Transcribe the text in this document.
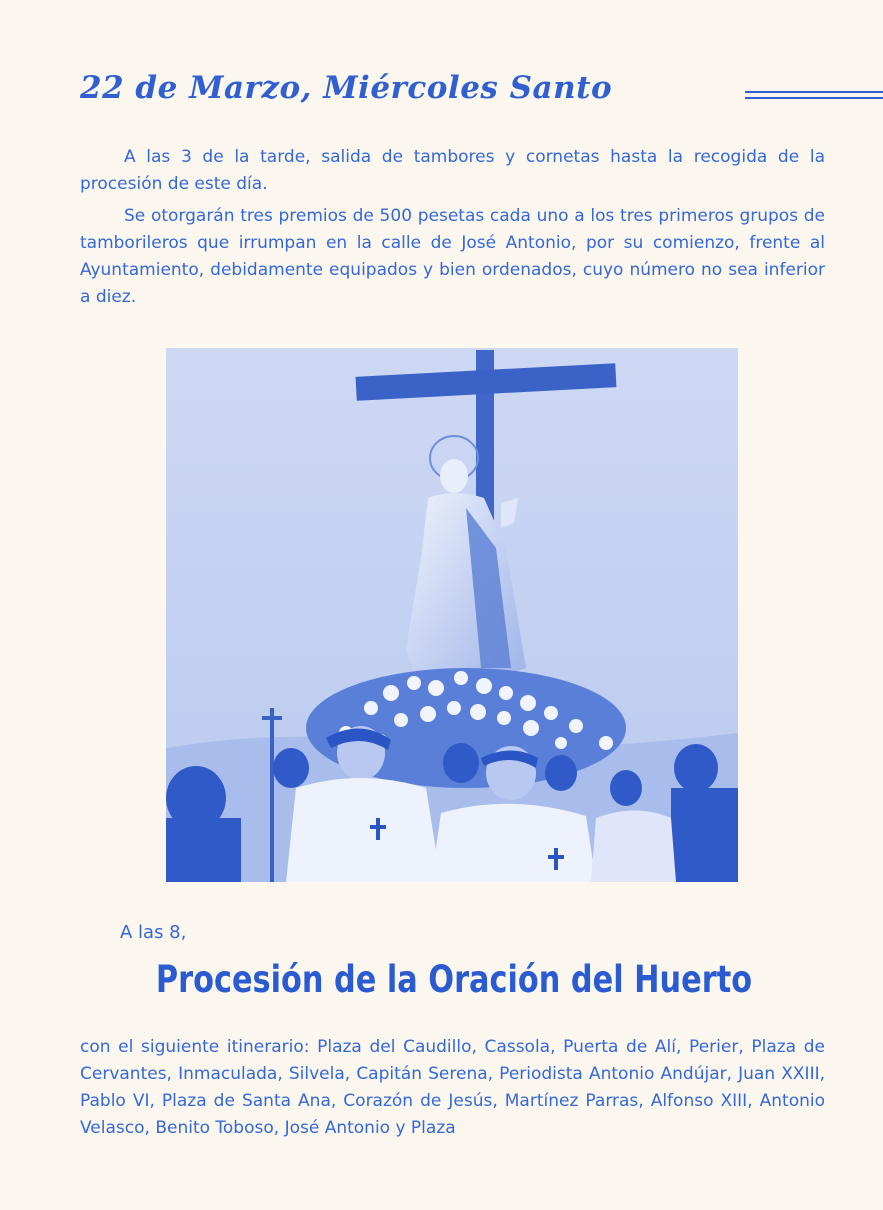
22 de Marzo, Miércoles Santo

A las 3 de la tarde, salida de tambores y cornetas hasta la recogida de la procesión de este día.

Se otorgarán tres premios de 500 pesetas cada uno a los tres primeros grupos de tamborileros que irrumpan en la calle de José Antonio, por su comienzo, frente al Ayuntamiento, debidamente equipados y bien ordenados, cuyo número no sea inferior a diez.

A las 8,
Procesión de la Oración del Huerto

con el siguiente itinerario: Plaza del Caudillo, Cassola, Puerta de Alí, Perier, Plaza de Cervantes, Inmaculada, Silvela, Capitán Serena, Periodista Antonio Andújar, Juan XXIII, Pablo VI, Plaza de Santa Ana, Corazón de Jesús, Martínez Parras, Alfonso XIII, Antonio Velasco, Benito Toboso, José Antonio y Plaza
